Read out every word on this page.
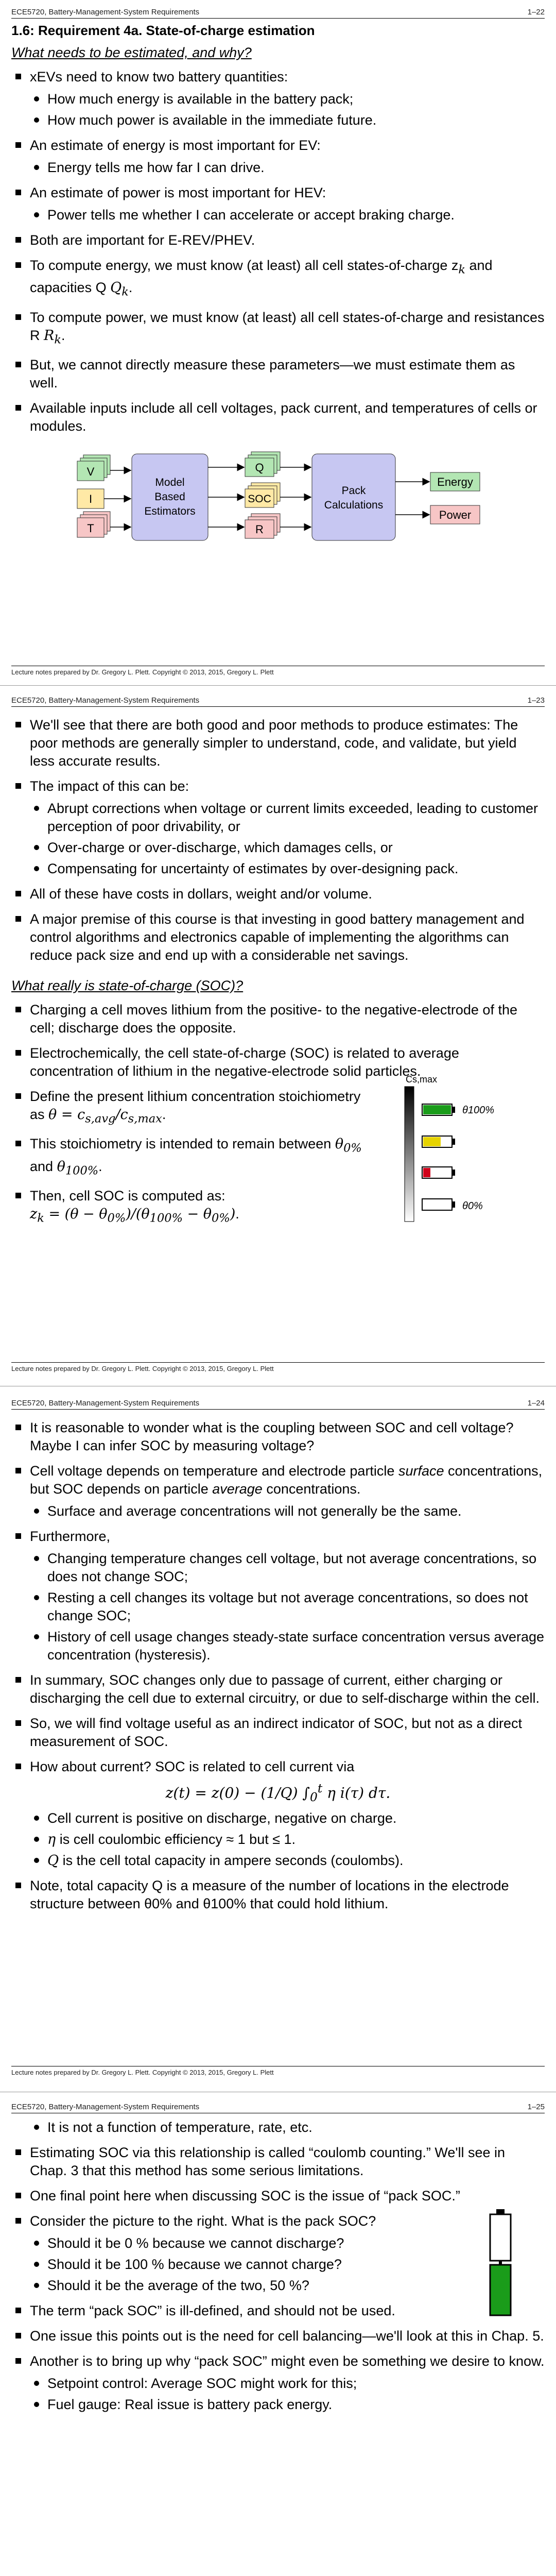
ECE5720, Battery-Management-System Requirements	1–22
1.6: Requirement 4a. State-of-charge estimation
What needs to be estimated, and why?
xEVs need to know two battery quantities:
How much energy is available in the battery pack;
How much power is available in the immediate future.
An estimate of energy is most important for EV:
Energy tells me how far I can drive.
An estimate of power is most important for HEV:
Power tells me whether I can accelerate or accept braking charge.
Both are important for E-REV/PHEV.
To compute energy, we must know (at least) all cell states-of-charge $z_k$ and capacities Q $Q_k$.
To compute power, we must know (at least) all cell states-of-charge and resistances R $R_k$.
But, we cannot directly measure these parameters—we must estimate them as well.
Available inputs include all cell voltages, pack current, and temperatures of cells or modules.
V
I
T
Model
Based
Estimators
Q
SOC
R
Pack
Calculations
Energy
Power
Lecture notes prepared by Dr. Gregory L. Plett. Copyright © 2013, 2015, Gregory L. Plett
ECE5720, Battery-Management-System Requirements	1–23
We'll see that there are both good and poor methods to produce estimates: The poor methods are generally simpler to understand, code, and validate, but yield less accurate results.
The impact of this can be:
Abrupt corrections when voltage or current limits exceeded, leading to customer perception of poor drivability, or
Over-charge or over-discharge, which damages cells, or
Compensating for uncertainty of estimates by over-designing pack.
All of these have costs in dollars, weight and/or volume.
A major premise of this course is that investing in good battery management and control algorithms and electronics capable of implementing the algorithms can reduce pack size and end up with a considerable net savings.
What really is state-of-charge (SOC)?
Charging a cell moves lithium from the positive- to the negative-electrode of the cell; discharge does the opposite.
Electrochemically, the cell state-of-charge (SOC) is related to average concentration of lithium in the negative-electrode solid particles.
Define the present lithium concentration stoichiometry as $\theta = c_{s,avg}/c_{s,max}$.
This stoichiometry is intended to remain between $\theta_{0\%}$ and $\theta_{100\%}$.
Then, cell SOC is computed as:
$z_k = (\theta - \theta_{0\%})/(\theta_{100\%} - \theta_{0\%})$.
Cs,max
θ100%
θ0%
Lecture notes prepared by Dr. Gregory L. Plett. Copyright © 2013, 2015, Gregory L. Plett
ECE5720, Battery-Management-System Requirements	1–24
It is reasonable to wonder what is the coupling between SOC and cell voltage? Maybe I can infer SOC by measuring voltage?
Cell voltage depends on temperature and electrode particle surface concentrations, but SOC depends on particle average concentrations.
Surface and average concentrations will not generally be the same.
Furthermore,
Changing temperature changes cell voltage, but not average concentrations, so does not change SOC;
Resting a cell changes its voltage but not average concentrations, so does not change SOC;
History of cell usage changes steady-state surface concentration versus average concentration (hysteresis).
In summary, SOC changes only due to passage of current, either charging or discharging the cell due to external circuitry, or due to self-discharge within the cell.
So, we will find voltage useful as an indirect indicator of SOC, but not as a direct measurement of SOC.
How about current? SOC is related to cell current via
z(t) = z(0) − (1/Q) $\int_0^t$ η i(τ) dτ.
Cell current is positive on discharge, negative on charge.
η is cell coulombic efficiency ≈ 1 but ≤ 1.
Q is the cell total capacity in ampere seconds (coulombs).
Note, total capacity Q is a measure of the number of locations in the electrode structure between θ0% and θ100% that could hold lithium.
Lecture notes prepared by Dr. Gregory L. Plett. Copyright © 2013, 2015, Gregory L. Plett
ECE5720, Battery-Management-System Requirements	1–25
It is not a function of temperature, rate, etc.
Estimating SOC via this relationship is called “coulomb counting.” We'll see in Chap. 3 that this method has some serious limitations.
One final point here when discussing SOC is the issue of “pack SOC.”
Consider the picture to the right. What is the pack SOC?
Should it be 0 % because we cannot discharge?
Should it be 100 % because we cannot charge?
Should it be the average of the two, 50 %?
The term “pack SOC” is ill-defined, and should not be used.
One issue this points out is the need for cell balancing—we'll look at this in Chap. 5.
Another is to bring up why “pack SOC” might even be something we desire to know.
Setpoint control: Average SOC might work for this;
Fuel gauge: Real issue is battery pack energy.
